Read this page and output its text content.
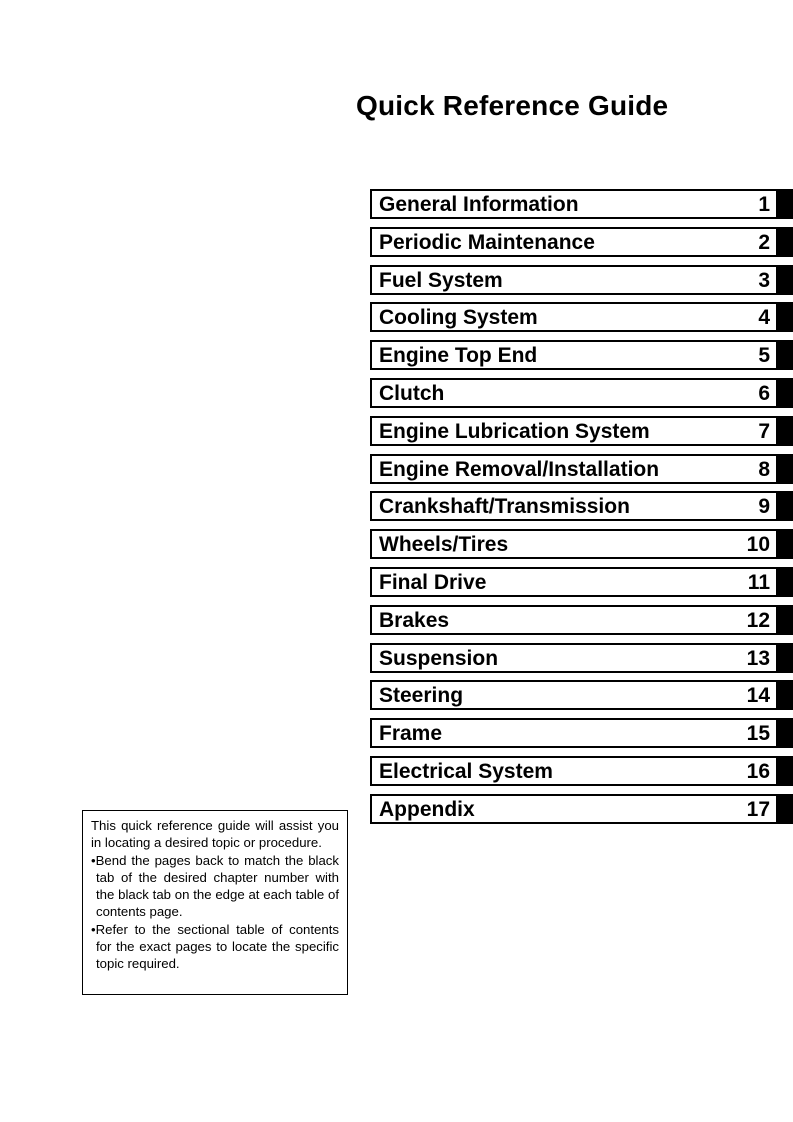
Quick Reference Guide
General Information	1
Periodic Maintenance	2
Fuel System	3
Cooling System	4
Engine Top End	5
Clutch	6
Engine Lubrication System	7
Engine Removal/Installation	8
Crankshaft/Transmission	9
Wheels/Tires	10
Final Drive	11
Brakes	12
Suspension	13
Steering	14
Frame	15
Electrical System	16
Appendix	17

This quick reference guide will assist you in locating a desired topic or procedure.

•Bend the pages back to match the black tab of the desired chapter number with the black tab on the edge at each table of contents page.

•Refer to the sectional table of contents for the exact pages to locate the specific topic required.
